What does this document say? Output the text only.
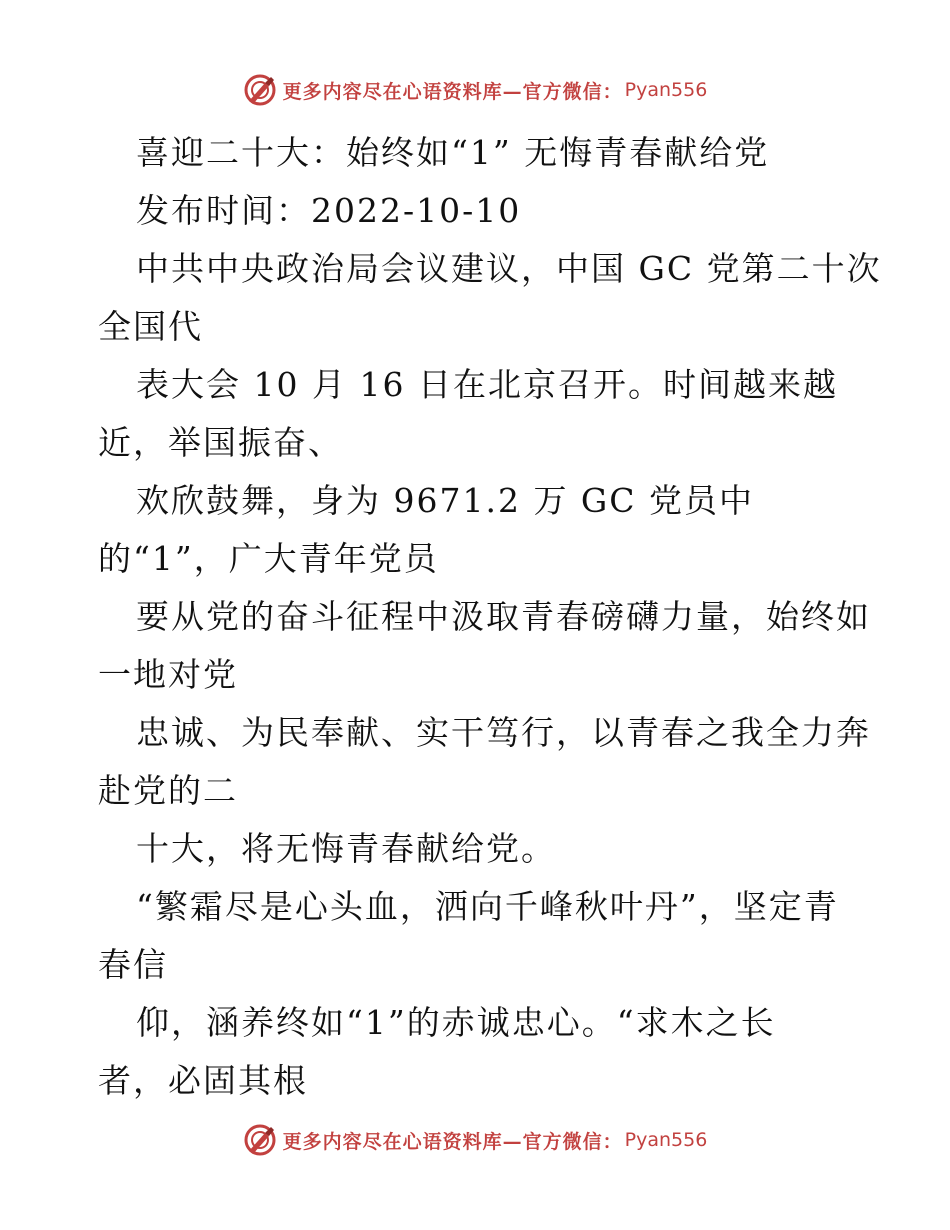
更多内容尽在心语资料库—官方微信： Pyan556
喜迎二十大：始终如“1” 无悔青春献给党
发布时间：2022-10-10
中共中央政治局会议建议，中国 GC 党第二十次
全国代
表大会 10 月 16 日在北京召开。时间越来越
近，举国振奋、
欢欣鼓舞，身为 9671.2 万 GC 党员中
的“1”，广大青年党员
要从党的奋斗征程中汲取青春磅礴力量，始终如
一地对党
忠诚、为民奉献、实干笃行，以青春之我全力奔
赴党的二
十大，将无悔青春献给党。
“繁霜尽是心头血，洒向千峰秋叶丹”，坚定青
春信
仰，涵养终如“1”的赤诚忠心。“求木之长
者，必固其根
更多内容尽在心语资料库—官方微信： Pyan556
